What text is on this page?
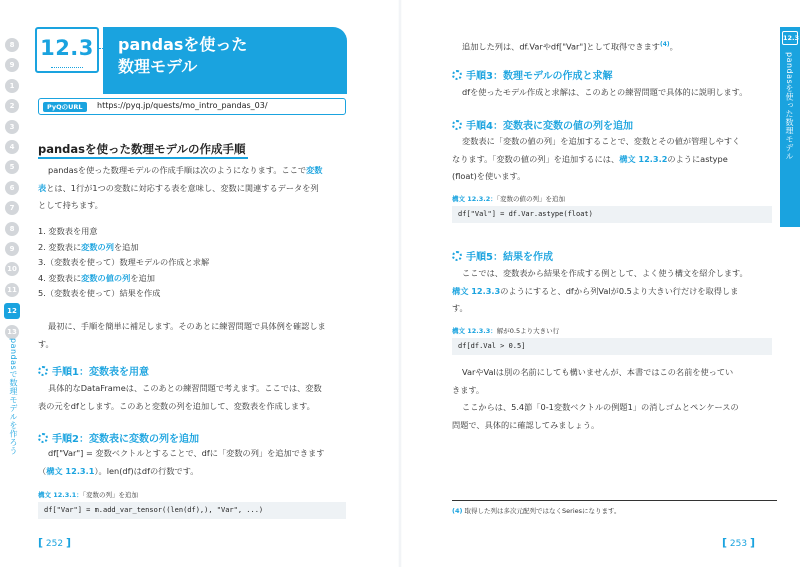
8
9
1
2
3
4
5
6
7
8
9
10
11
12
13
pandasで数理モデルを作ろう
12.3 pandasを使った
数理モデル
PyQのURL	https://pyq.jp/quests/mo_intro_pandas_03/
pandasを使った数理モデルの作成手順
pandasを使った数理モデルの作成手順は次のようになります。ここで変数
表とは、1行が1つの変数に対応する表を意味し、変数に関連するデータを列
として持ちます。
1. 変数表を用意
2. 変数表に変数の列を追加
3.（変数表を使って）数理モデルの作成と求解
4. 変数表に変数の値の列を追加
5.（変数表を使って）結果を作成
最初に、手順を簡単に補足します。そのあとに練習問題で具体例を確認しま
す。
手順1：変数表を用意
具体的なDataFrameは、このあとの練習問題で考えます。ここでは、変数
表の元をdfとします。このあと変数の列を追加して、変数表を作成します。
手順2：変数表に変数の列を追加
df["Var"] = 変数ベクトルとすることで、dfに「変数の列」を追加できます
（構文 12.3.1）。len(df)はdfの行数です。
構文 12.3.1：「変数の列」を追加
df["Var"] = m.add_var_tensor((len(df),), "Var", ...)
[ 252 ]
追加した列は、df.Varやdf["Var"]として取得できます$^{(4)}$。
手順3：数理モデルの作成と求解
dfを使ったモデル作成と求解は、このあとの練習問題で具体的に説明します。
手順4：変数表に変数の値の列を追加
変数表に「変数の値の列」を追加することで、変数とその値が管理しやすく
なります。「変数の値の列」を追加するには、構文 12.3.2のようにastype
(float)を使います。
構文 12.3.2：「変数の値の列」を追加
df["Val"] = df.Var.astype(float)
手順5：結果を作成
ここでは、変数表から結果を作成する例として、よく使う構文を紹介します。
構文 12.3.3のようにすると、dfから列Valが0.5より大きい行だけを取得しま
す。
構文 12.3.3：解が0.5より大きい行
df[df.Val > 0.5]
VarやValは別の名前にしても構いませんが、本書ではこの名前を使ってい
きます。
ここからは、5.4節「0-1変数ベクトルの例題1」の消しゴムとペンケースの
問題で、具体的に確認してみましょう。
(4) 取得した列は多次元配列ではなくSeriesになります。
[ 253 ]
12.3
pandasを使った数理モデル
